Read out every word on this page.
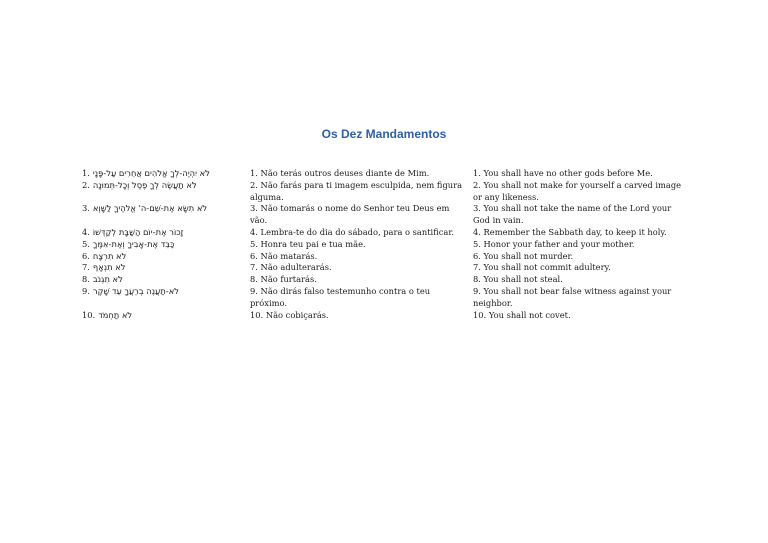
Os Dez Mandamentos
1. לֹא יִהְיֶה-לְךָ אֱלֹהִים אֲחֵרִים עַל-פָּנָי
2. לֹא תַעֲשֶׂה לְךָ פֶסֶל וְכָל-תְּמוּנָה
3. לֹא תִשָּׂא אֶת-שֵׁם-ה' אֱלֹהֶיךָ לַשָּׁוְא
4. זָכוֹר אֶת-יוֹם הַשַּׁבָּת לְקַדְּשׁוֹ
5. כַּבֵּד אֶת-אָבִיךָ וְאֶת-אִמֶּךָ
6. לֹא תִרְצָח
7. לֹא תִנְאָף
8. לֹא תִגְנֹב
9. לֹא-תַעֲנֶה בְרֵעֲךָ עֵד שָׁקֶר
10. לֹא תַחְמֹד
1. Não terás outros deuses diante de Mim.
2. Não farás para ti imagem esculpida, nem figura alguma.
3. Não tomarás o nome do Senhor teu Deus em vão.
4. Lembra-te do dia do sábado, para o santificar.
5. Honra teu pai e tua mãe.
6. Não matarás.
7. Não adulterarás.
8. Não furtarás.
9. Não dirás falso testemunho contra o teu próximo.
10. Não cobiçarás.
1. You shall have no other gods before Me.
2. You shall not make for yourself a carved image or any likeness.
3. You shall not take the name of the Lord your God in vain.
4. Remember the Sabbath day, to keep it holy.
5. Honor your father and your mother.
6. You shall not murder.
7. You shall not commit adultery.
8. You shall not steal.
9. You shall not bear false witness against your neighbor.
10. You shall not covet.
